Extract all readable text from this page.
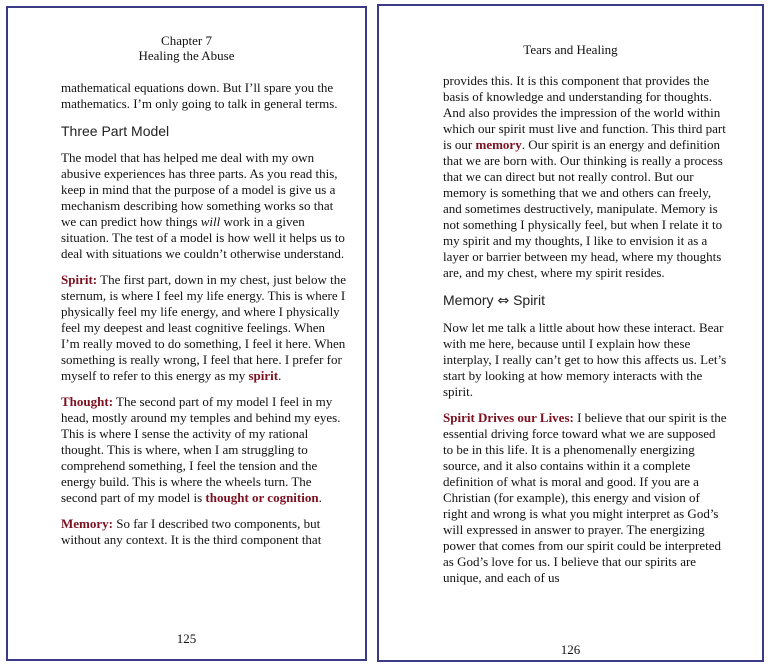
Chapter 7
Healing the Abuse

mathematical equations down. But I’ll spare you the mathematics. I’m only going to talk in general terms.

Three Part Model

The model that has helped me deal with my own abusive experiences has three parts. As you read this, keep in mind that the purpose of a model is give us a mechanism describing how something works so that we can predict how things will work in a given situation. The test of a model is how well it helps us to deal with situations we couldn’t otherwise understand.

Spirit: The first part, down in my chest, just below the sternum, is where I feel my life energy. This is where I physically feel my life energy, and where I physically feel my deepest and least cognitive feelings. When I’m really moved to do something, I feel it here. When something is really wrong, I feel that here. I prefer for myself to refer to this energy as my spirit.

Thought: The second part of my model I feel in my head, mostly around my temples and behind my eyes. This is where I sense the activity of my rational thought. This is where, when I am struggling to comprehend something, I feel the tension and the energy build. This is where the wheels turn. The second part of my model is thought or cognition.

Memory: So far I described two components, but without any context. It is the third component that

125
Tears and Healing

provides this. It is this component that provides the basis of knowledge and understanding for thoughts. And also provides the impression of the world within which our spirit must live and function. This third part is our memory. Our spirit is an energy and definition that we are born with. Our thinking is really a process that we can direct but not really control. But our memory is something that we and others can freely, and sometimes destructively, manipulate. Memory is not something I physically feel, but when I relate it to my spirit and my thoughts, I like to envision it as a layer or barrier between my head, where my thoughts are, and my chest, where my spirit resides.

Memory ⇔ Spirit

Now let me talk a little about how these interact. Bear with me here, because until I explain how these interplay, I really can’t get to how this affects us. Let’s start by looking at how memory interacts with the spirit.

Spirit Drives our Lives: I believe that our spirit is the essential driving force toward what we are supposed to be in this life. It is a phenomenally energizing source, and it also contains within it a complete definition of what is moral and good. If you are a Christian (for example), this energy and vision of right and wrong is what you might interpret as God’s will expressed in answer to prayer. The energizing power that comes from our spirit could be interpreted as God’s love for us. I believe that our spirits are unique, and each of us

126
